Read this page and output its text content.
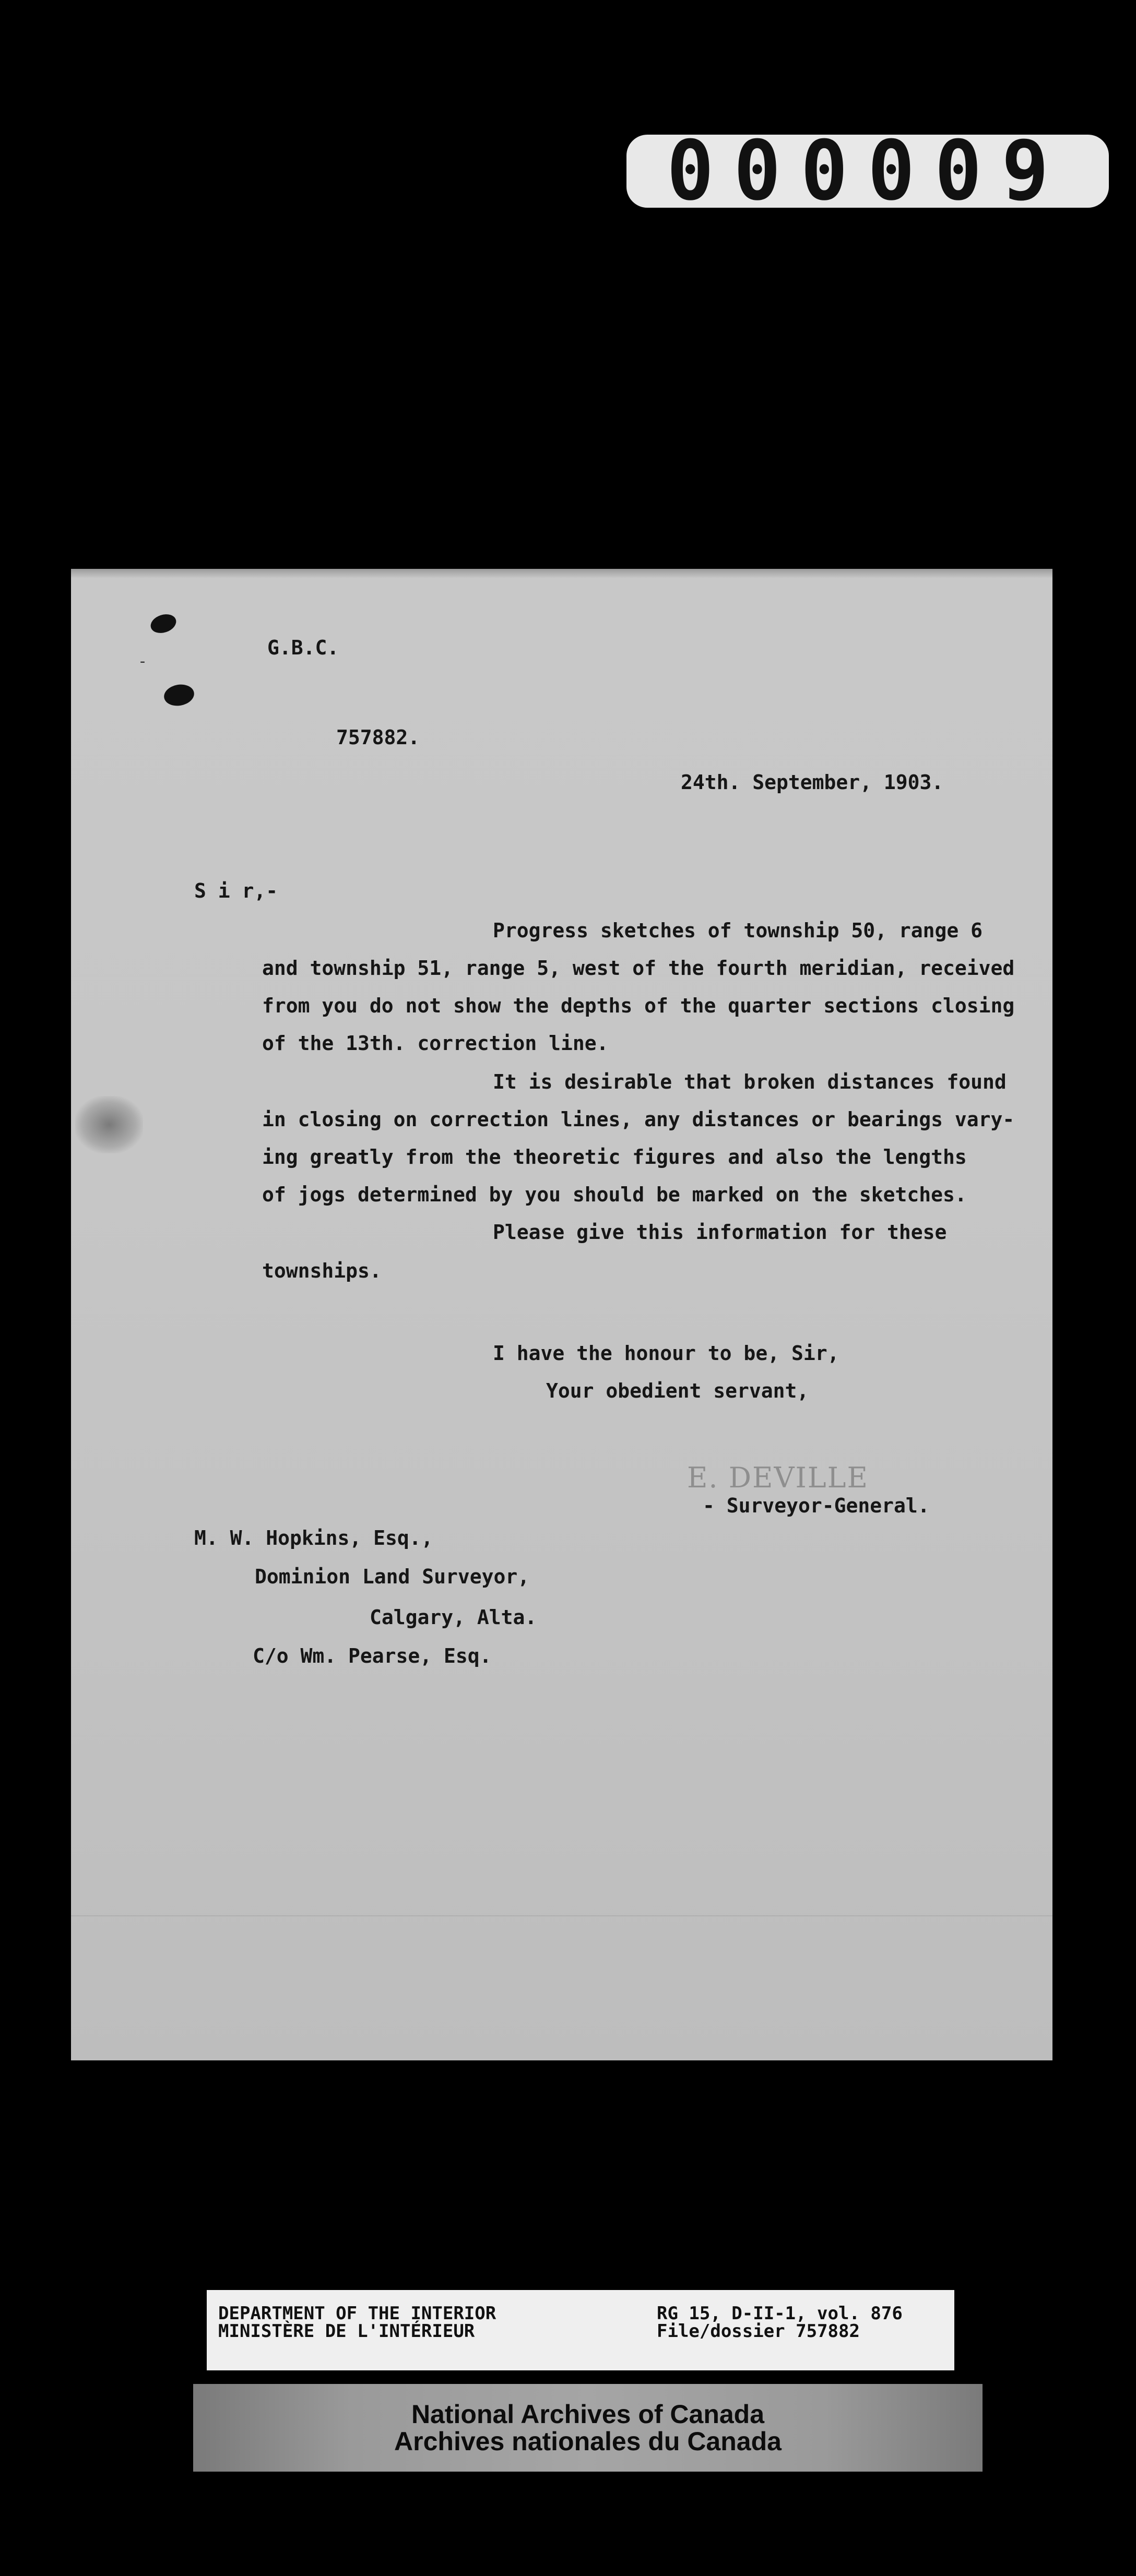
000009
-
G.B.C.
757882.
24th. September, 1903.
S i r,-
Progress sketches of township 50, range 6
and township 51, range 5, west of the fourth meridian, received
from you do not show the depths of the quarter sections closing
of the 13th. correction line.
It is desirable that broken distances found
in closing on correction lines, any distances or bearings vary-
ing greatly from the theoretic figures and also the lengths
of jogs determined by you should be marked on the sketches.
Please give this information for these
townships.
I have the honour to be, Sir,
Your obedient servant,
E. DEVILLE
- Surveyor-General.
M. W. Hopkins, Esq.,
Dominion Land Surveyor,
Calgary, Alta.
C/o Wm. Pearse, Esq.
DEPARTMENT OF THE INTERIOR
MINISTÈRE DE L'INTÉRIEUR
RG 15, D-II-1, vol. 876
File/dossier 757882
National Archives of Canada
Archives nationales du Canada
